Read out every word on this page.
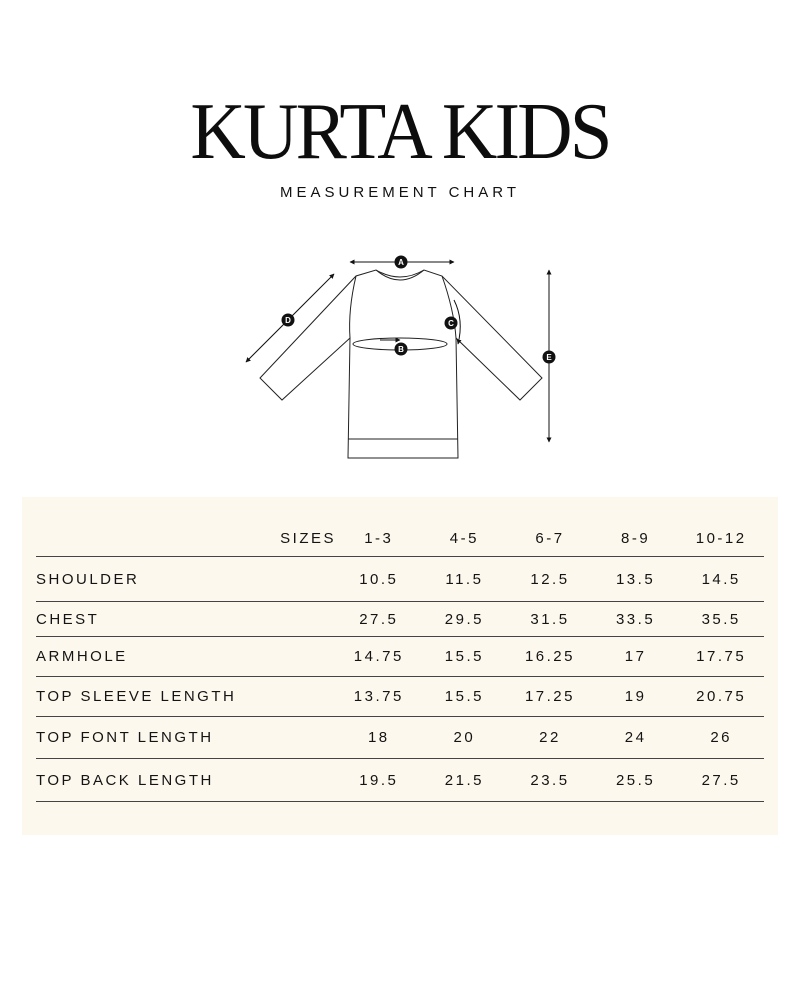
KURTA KIDS
MEASUREMENT CHART
A
B
C
D
E
SIZES	1-3	4-5	6-7	8-9	10-12
SHOULDER	10.5	11.5	12.5	13.5	14.5
CHEST	27.5	29.5	31.5	33.5	35.5
ARMHOLE	14.75	15.5	16.25	17	17.75
TOP SLEEVE LENGTH	13.75	15.5	17.25	19	20.75
TOP FONT LENGTH	18	20	22	24	26
TOP BACK LENGTH	19.5	21.5	23.5	25.5	27.5
